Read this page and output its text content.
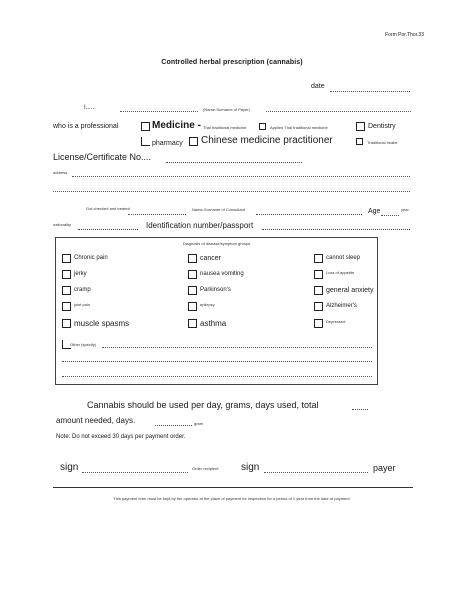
Form Por.Thor.33
Controlled herbal prescription (cannabis)
date
I......	(Name-Surname of Payer)
who is a professional	Medicine - Thai traditional medicine	Applied Thai traditional medicine	Dentistry
pharmacy Chinese medicine practitioner	Traditional healer
License/Certificate No....
address
Got checked and treated	Name-Surname of Consultant	Age	year
nationality	Identification number/passport
Diagnosis of disease/symptom groups
Chronic pain	cancer	cannot sleep
jerky	nausea vomiting	Loss of appetite
cramp	Parkinson's	general anxiety
joint pain	epilepsy	Alzheimer's
muscle spasms	asthma	Depressed
Other (specify)
Cannabis should be used per day, grams, days used, total
amount needed, days.	gram
Note: Do not exceed 30 days per payment order.
sign	Order recipient sign	payer
This payment form must be kept by the operator at the place of payment for inspection for a period of 1 year from the date of payment.
